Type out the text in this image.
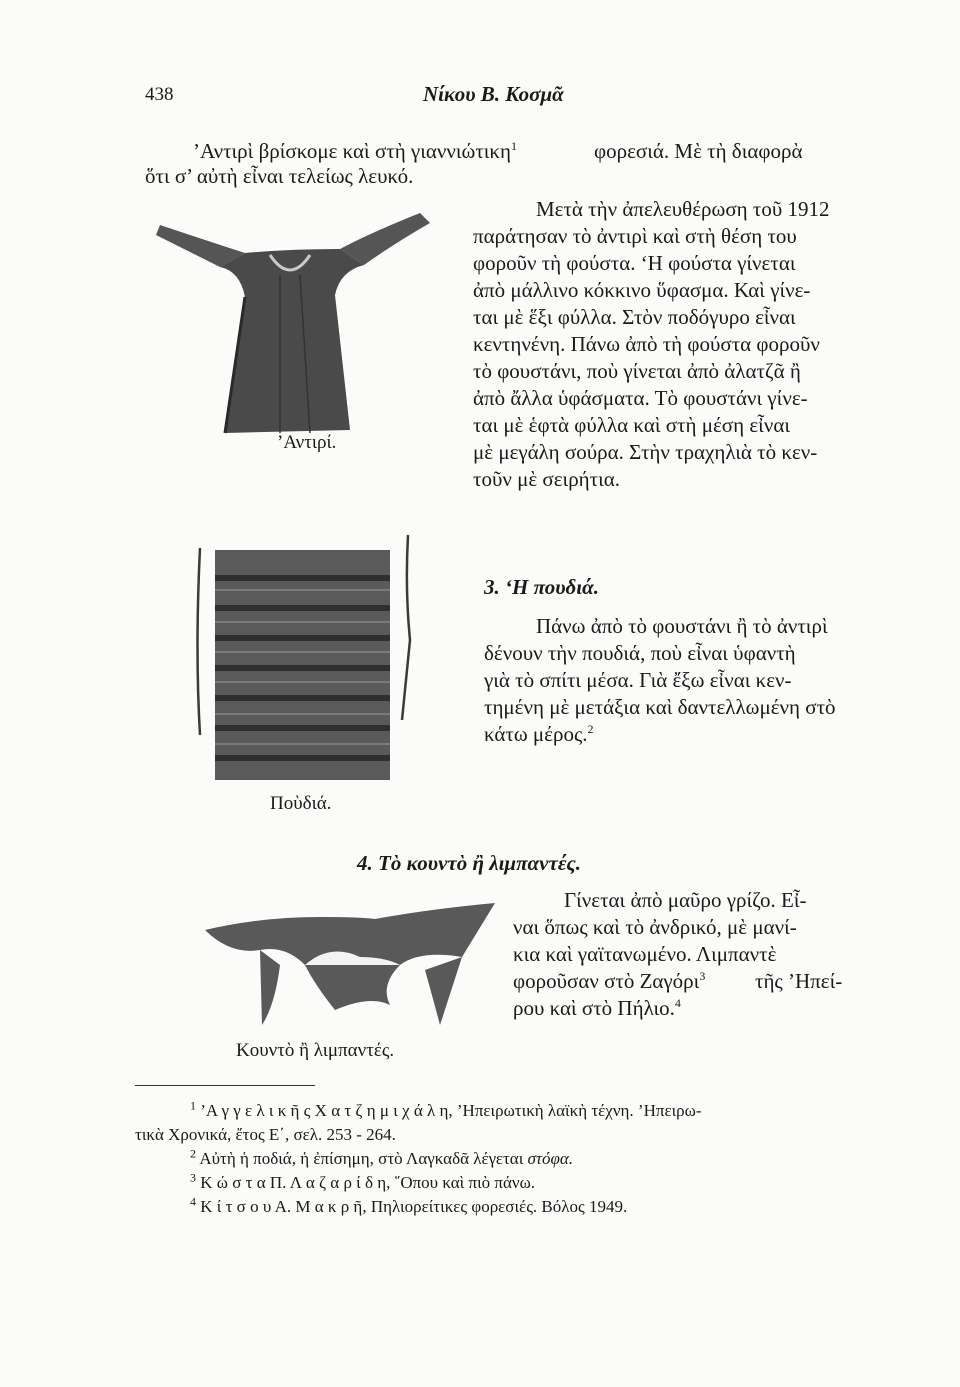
438	Νίκου Β. Κοσμᾶ
’Αντιρὶ βρίσκομε καὶ στὴ γιαννιώτικη$^1$	φορεσιά. Μὲ τὴ διαφορὰ
ὅτι σ’ αὐτὴ εἶναι τελείως λευκό.
’Αντιρί.
Μετὰ τὴν ἀπελευθέρωση τοῦ 1912
παράτησαν τὸ ἀντιρὶ καὶ στὴ θέση του
φοροῦν τὴ φούστα. ‘Η φούστα γίνεται
ἀπὸ μάλλινο κόκκινο ὕφασμα. Καὶ γίνε-
ται μὲ ἕξι φύλλα. Στὸν ποδόγυρο εἶναι
κεντηνένη. Πάνω ἀπὸ τὴ φούστα φοροῦν
τὸ φουστάνι, ποὺ γίνεται ἀπὸ ἀλατζᾶ ἢ
ἀπὸ ἄλλα ὑφάσματα. Τὸ φουστάνι γίνε-
ται μὲ ἑφτὰ φύλλα καὶ στὴ μέση εἶναι
μὲ μεγάλη σούρα. Στὴν τραχηλιὰ τὸ κεν-
τοῦν μὲ σειρήτια.
Ποὺδιά.
3. ‘Η πουδιά.
Πάνω ἀπὸ τὸ φουστάνι ἢ τὸ ἀντιρὶ
δένουν τὴν πουδιά, ποὺ εἶναι ὑφαντὴ
γιὰ τὸ σπίτι μέσα. Γιὰ ἔξω εἶναι κεν-
τημένη μὲ μετάξια καὶ δαντελλωμένη στὸ
κάτω μέρος.$^2$
4. Τὸ κουντὸ ἢ λιμπαντές.
Γίνεται ἀπὸ μαῦρο γρίζο. Εἶ-
ναι ὅπως καὶ τὸ ἀνδρικό, μὲ μανί-
κια καὶ γαϊτανωμένο. Λιμπαντὲ
φοροῦσαν στὸ Ζαγόρι$^3$ τῆς ’Ηπεί-
ρου καὶ στὸ Πήλιο.$^4$
Κουντὸ ἢ λιμπαντές.
$^1$ ’Α γ γ ε λ ι κ ῆ ς Χ α τ ζ η μ ι χ ά λ η, ’Ηπειρωτικὴ λαϊκὴ τέχνη. ’Ηπειρω-
τικὰ Χρονικά, ἔτος Ε΄, σελ. 253 - 264.
$^2$ Αὐτὴ ἡ ποδιά, ἡ ἐπίσημη, στὸ Λαγκαδᾶ λέγεται στόφα.
$^3$ Κ ώ σ τ α Π. Λ α ζ α ρ ί δ η, ῞Οπου καὶ πιὸ πάνω.
$^4$ Κ ί τ σ ο υ Α. Μ α κ ρ ῆ, Πηλιορείτικες φορεσιές. Βόλος 1949.
